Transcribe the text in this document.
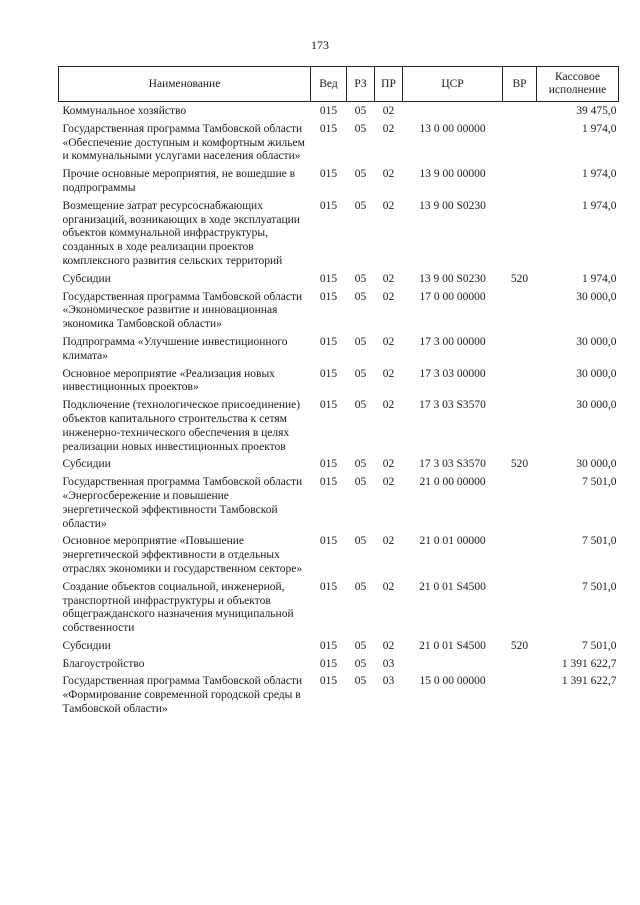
173
Наименование	Вед	РЗ	ПР	ЦСР	ВР	Кассовое исполнение
Коммунальное хозяйство	015	05	02			39 475,0
Государственная программа Тамбовской области «Обеспечение доступным и комфортным жильем и коммунальными услугами населения области»	015	05	02	13 0 00 00000		1 974,0
Прочие основные мероприятия, не вошедшие в подпрограммы	015	05	02	13 9 00 00000		1 974,0
Возмещение затрат ресурсоснабжающих организаций, возникающих в ходе эксплуатации объектов коммунальной инфраструктуры, созданных в ходе реализации проектов комплексного развития сельских территорий	015	05	02	13 9 00 S0230		1 974,0
Субсидии	015	05	02	13 9 00 S0230	520	1 974,0
Государственная программа Тамбовской области «Экономическое развитие и инновационная экономика Тамбовской области»	015	05	02	17 0 00 00000		30 000,0
Подпрограмма «Улучшение инвестиционного климата»	015	05	02	17 3 00 00000		30 000,0
Основное мероприятие «Реализация новых инвестиционных проектов»	015	05	02	17 3 03 00000		30 000,0
Подключение (технологическое присоединение) объектов капитального строительства к сетям инженерно-технического обеспечения в целях реализации новых инвестиционных проектов	015	05	02	17 3 03 S3570		30 000,0
Субсидии	015	05	02	17 3 03 S3570	520	30 000,0
Государственная программа Тамбовской области «Энергосбережение и повышение энергетической эффективности Тамбовской области»	015	05	02	21 0 00 00000		7 501,0
Основное мероприятие «Повышение энергетической эффективности в отдельных отраслях экономики и государственном секторе»	015	05	02	21 0 01 00000		7 501,0
Создание объектов социальной, инженерной, транспортной инфраструктуры и объектов общегражданского назначения муниципальной собственности	015	05	02	21 0 01 S4500		7 501,0
Субсидии	015	05	02	21 0 01 S4500	520	7 501,0
Благоустройство	015	05	03			1 391 622,7
Государственная программа Тамбовской области «Формирование современной городской среды в Тамбовской области»	015	05	03	15 0 00 00000		1 391 622,7
